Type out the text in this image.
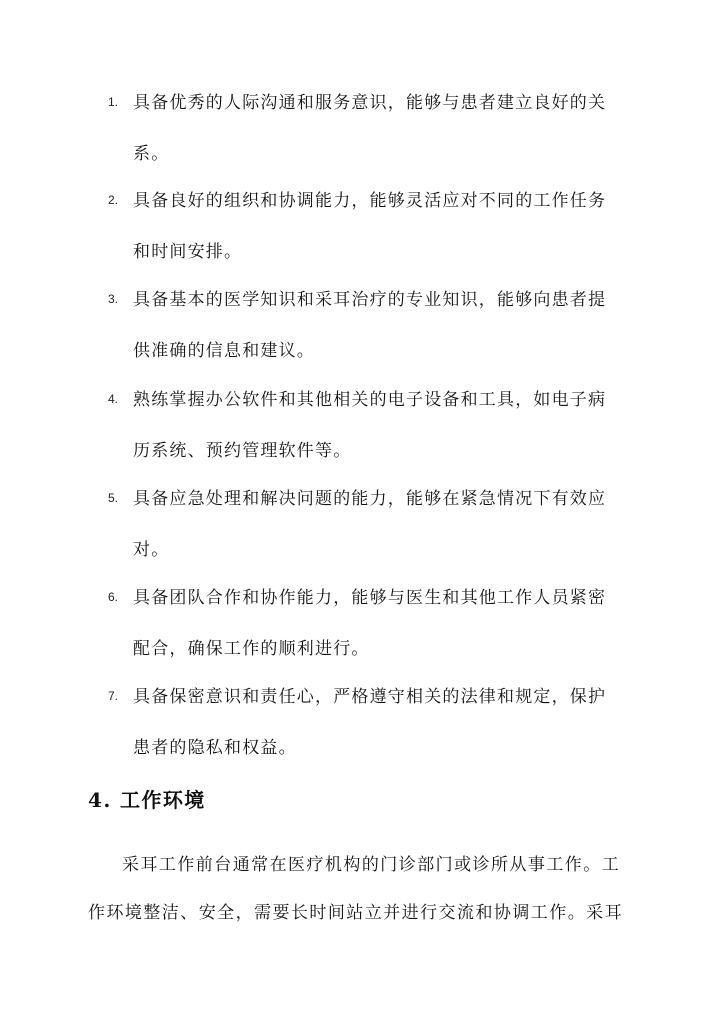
1. 具备优秀的人际沟通和服务意识，能够与患者建立良好的关
系。
2. 具备良好的组织和协调能力，能够灵活应对不同的工作任务
和时间安排。
3. 具备基本的医学知识和采耳治疗的专业知识，能够向患者提
供准确的信息和建议。
4. 熟练掌握办公软件和其他相关的电子设备和工具，如电子病
历系统、预约管理软件等。
5. 具备应急处理和解决问题的能力，能够在紧急情况下有效应
对。
6. 具备团队合作和协作能力，能够与医生和其他工作人员紧密
配合，确保工作的顺利进行。
7. 具备保密意识和责任心，严格遵守相关的法律和规定，保护
患者的隐私和权益。
4. 工作环境
采耳工作前台通常在医疗机构的门诊部门或诊所从事工作。工
作环境整洁、安全，需要长时间站立并进行交流和协调工作。采耳
